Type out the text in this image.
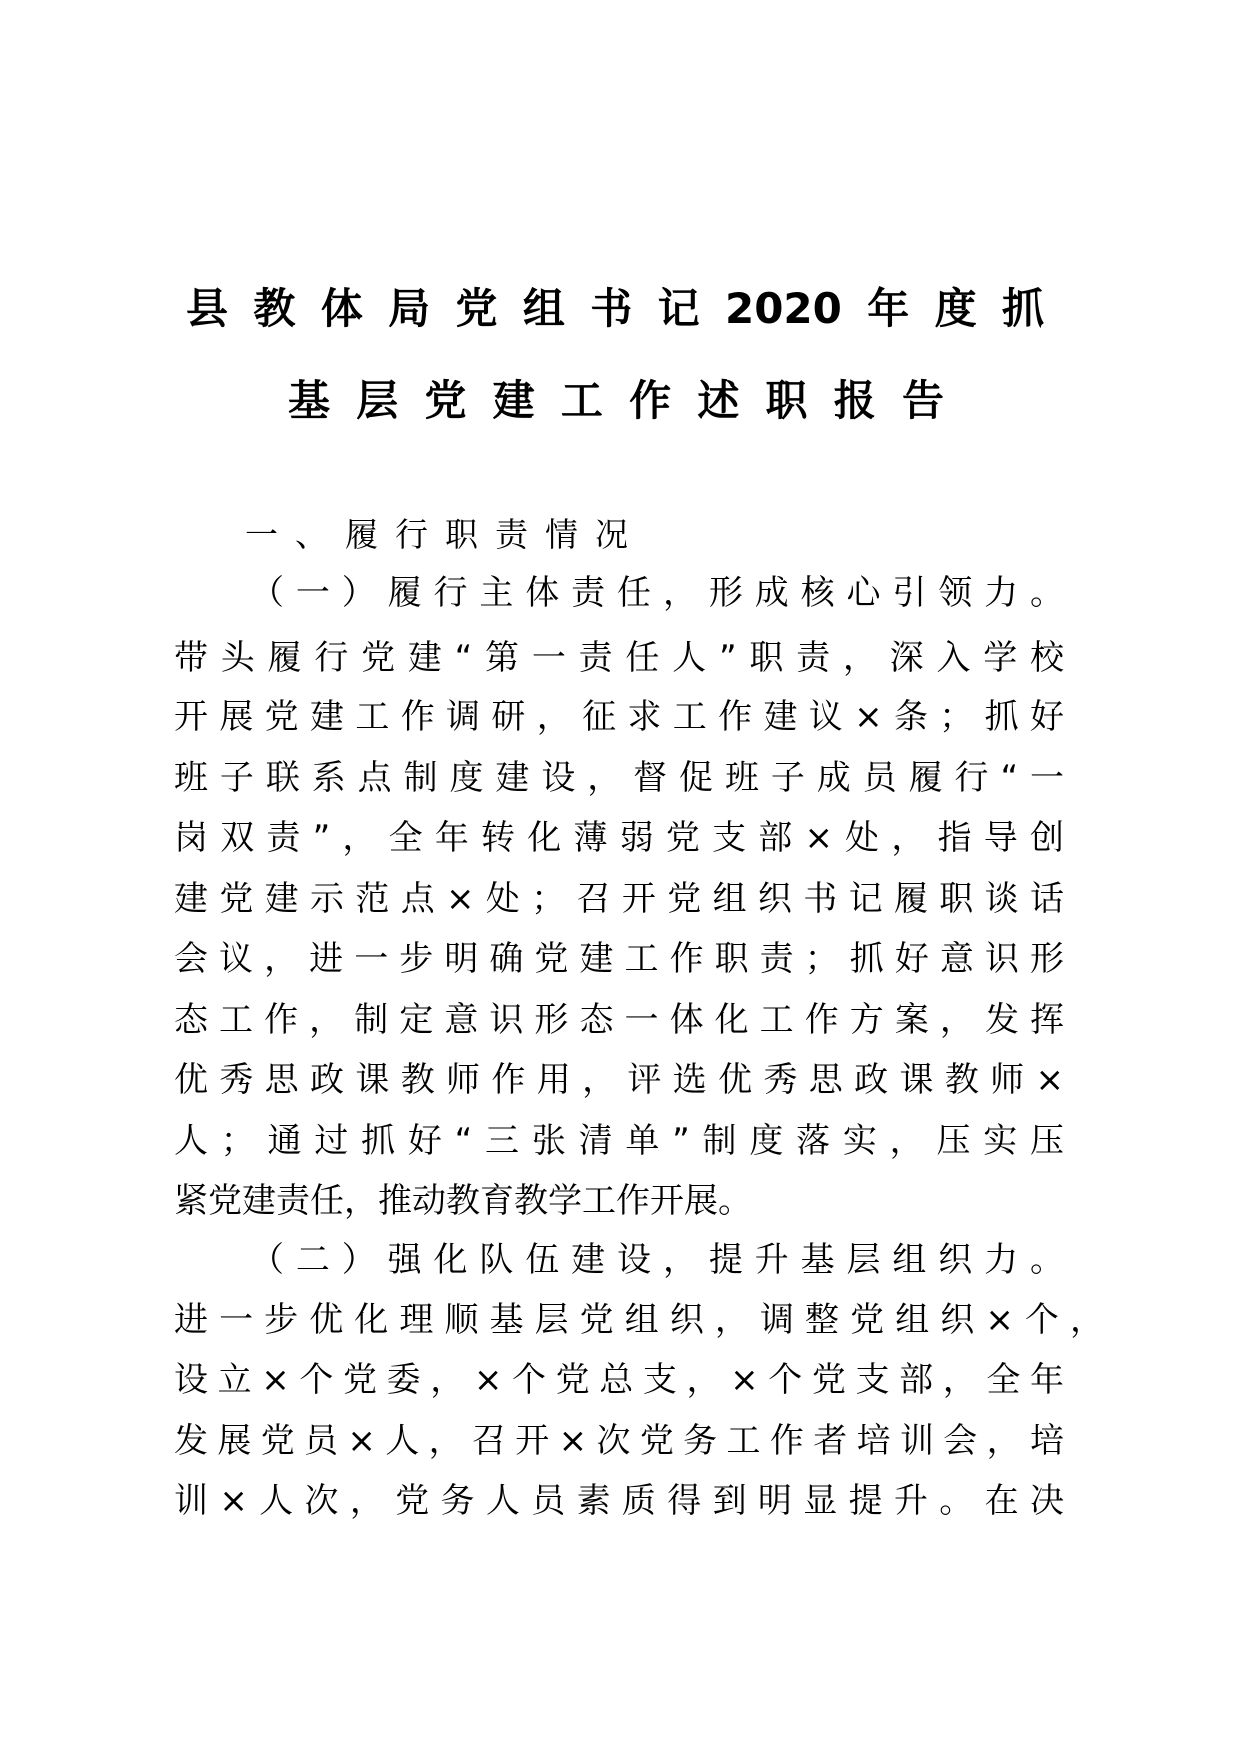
县教体局党组书记2020年度抓
基层党建工作述职报告
一、履行职责情况
（一）履行主体责任，形成核心引领力。
带头履行党建“第一责任人”职责，深入学校
开展党建工作调研，征求工作建议×条；抓好
班子联系点制度建设，督促班子成员履行“一
岗双责”，全年转化薄弱党支部×处，指导创
建党建示范点×处；召开党组织书记履职谈话
会议，进一步明确党建工作职责；抓好意识形
态工作，制定意识形态一体化工作方案，发挥
优秀思政课教师作用，评选优秀思政课教师×
人；通过抓好“三张清单”制度落实，压实压
紧党建责任，推动教育教学工作开展。
（二）强化队伍建设，提升基层组织力。
进一步优化理顺基层党组织，调整党组织×个，
设立×个党委，×个党总支，×个党支部，全年
发展党员×人，召开×次党务工作者培训会，培
训×人次，党务人员素质得到明显提升。在决
